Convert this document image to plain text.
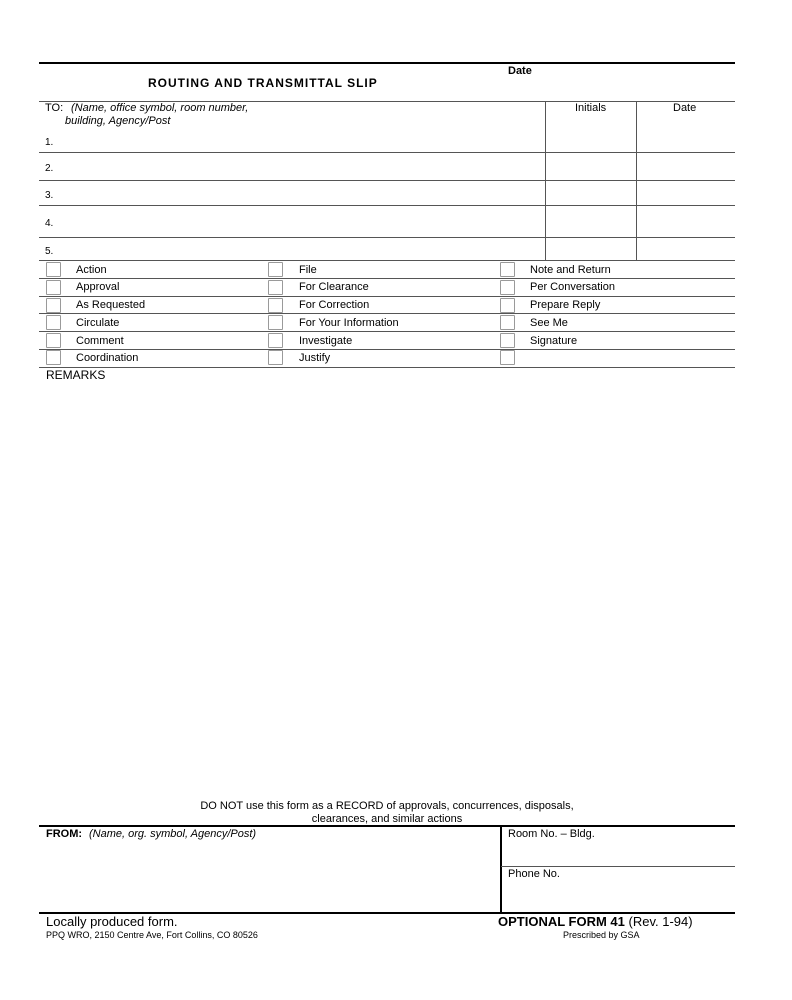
Date
ROUTING AND TRANSMITTAL SLIP
TO: (Name, office symbol, room number,
building, Agency/Post
Initials	Date
1.
2.
3.
4.
5.
Action	File	Note and Return
Approval	For Clearance	Per Conversation
As Requested	For Correction	Prepare Reply
Circulate	For Your Information	See Me
Comment	Investigate	Signature
Coordination	Justify
REMARKS
DO NOT use this form as a RECORD of approvals, concurrences, disposals,
clearances, and similar actions
FROM: (Name, org. symbol, Agency/Post)	Room No. – Bldg.
Phone No.
Locally produced form.
PPQ WRO, 2150 Centre Ave, Fort Collins, CO 80526
OPTIONAL FORM 41 (Rev. 1-94)
Prescribed by GSA
